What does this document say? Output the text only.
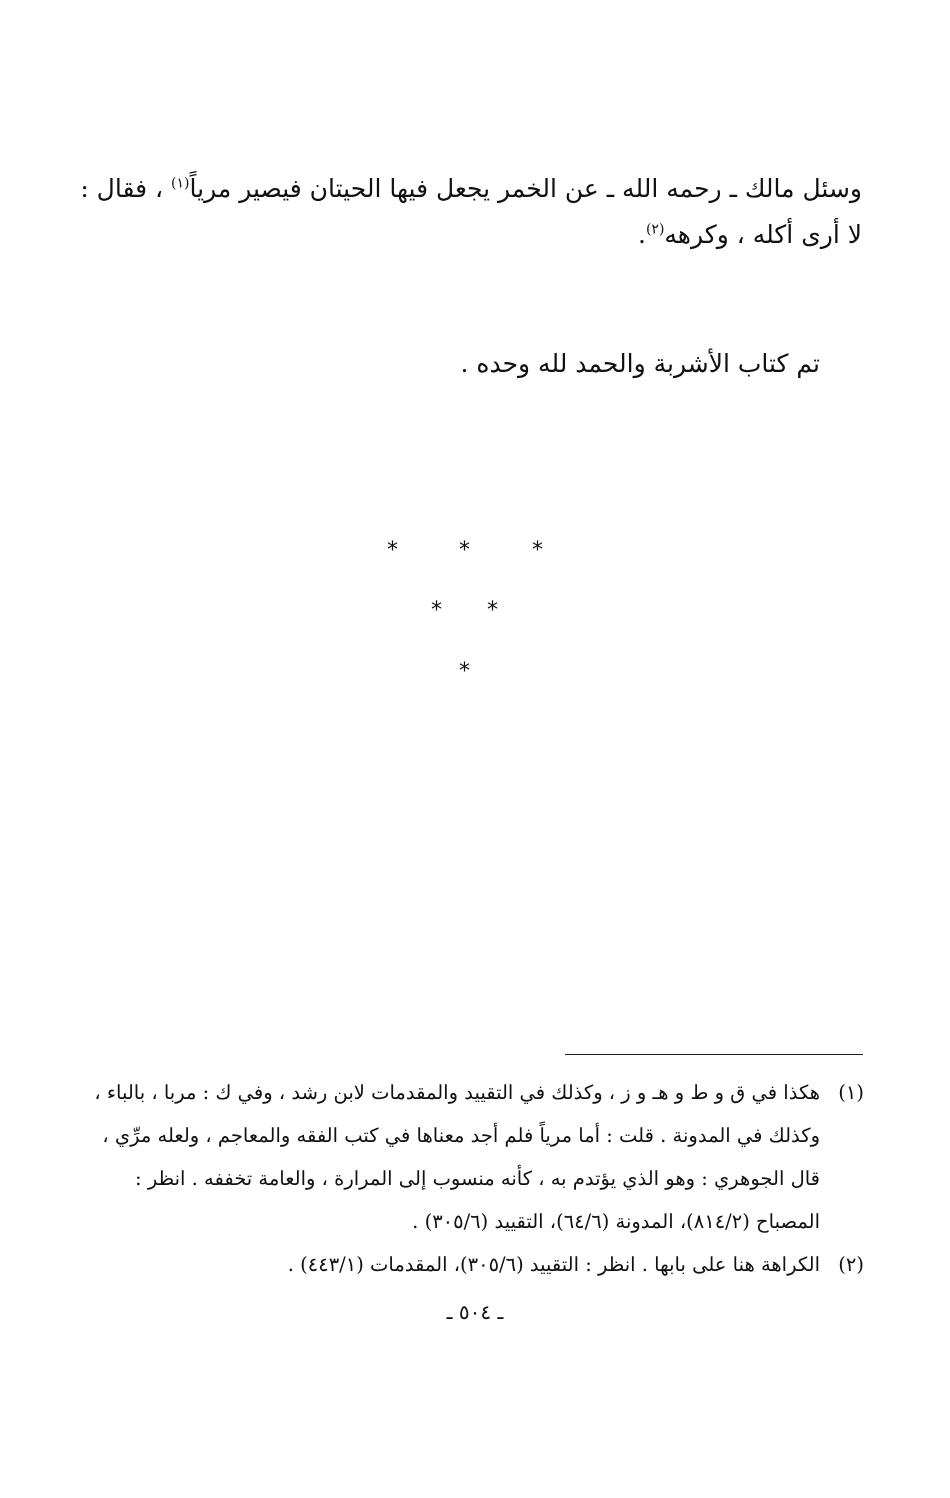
وسئل مالك ـ رحمه الله ـ عن الخمر يجعل فيها الحيتان فيصير مرياً$^{(١)}$ ، فقال :
لا أرى أكله ، وكرهه$^{(٢)}$.
تم كتاب الأشربة والحمد لله وحده .
*	*	*
* *
*
(١)هكذا في ق و ط و هـ و ز ، وكذلك في التقييد والمقدمات لابن رشد ، وفي ك : مربا ، بالباء ،
وكذلك في المدونة . قلت : أما مرياً فلم أجد معناها في كتب الفقه والمعاجم ، ولعله مرِّي ،
قال الجوهري : وهو الذي يؤتدم به ، كأنه منسوب إلى المرارة ، والعامة تخففه . انظر :
المصباح (٨١٤/٢)، المدونة (٦٤/٦)، التقييد (٣٠٥/٦) .
(٢)الكراهة هنا على بابها . انظر : التقييد (٣٠٥/٦)، المقدمات (٤٤٣/١) .
ـ ٥٠٤ ـ
